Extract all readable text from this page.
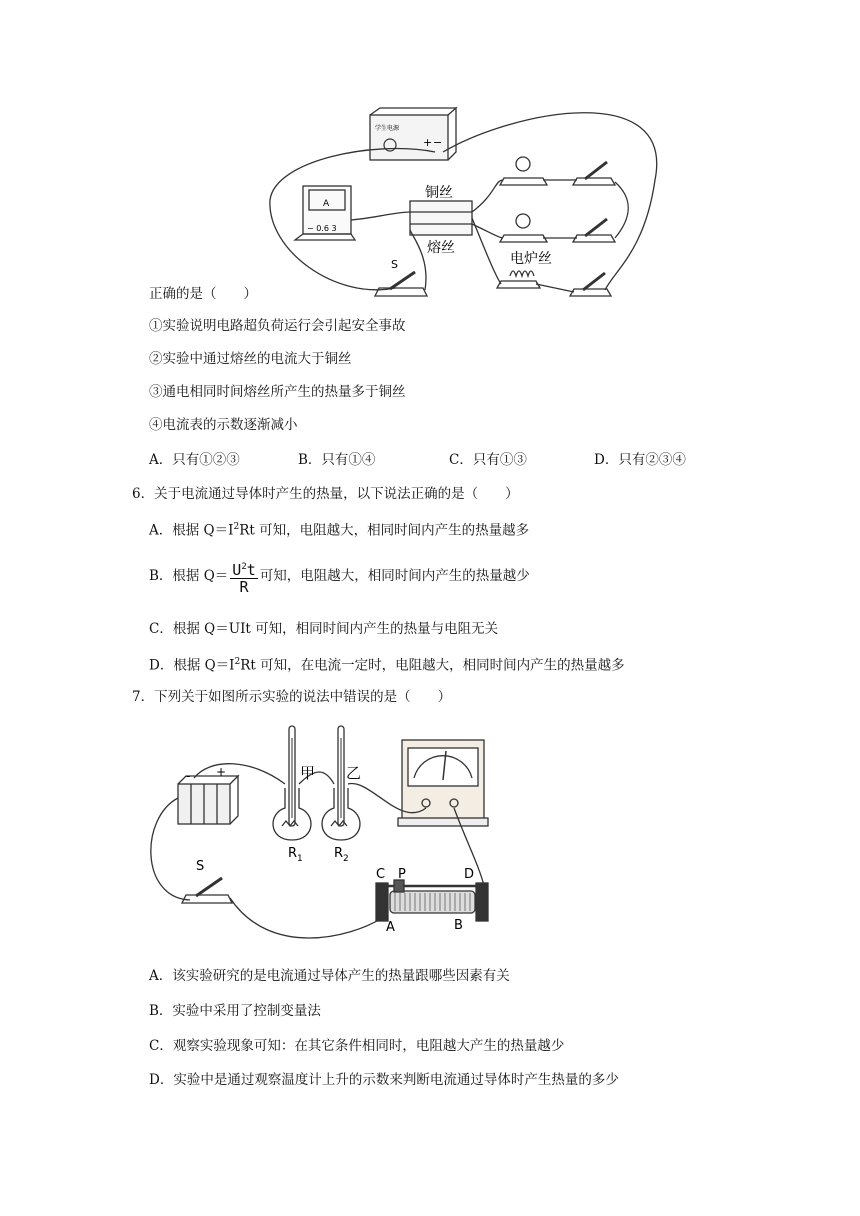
学生电源
+ −
A
− 0.6 3
铜丝
熔丝
电炉丝
S
正确的是（　　）
①实验说明电路超负荷运行会引起安全事故
②实验中通过熔丝的电流大于铜丝
③通电相同时间熔丝所产生的热量多于铜丝
④电流表的示数逐渐减小
A．只有①②③	B．只有①④	C．只有①③	D．只有②③④
6．关于电流通过导体时产生的热量，以下说法正确的是（　　）
A．根据 $Q=I^2Rt$ 可知，电阻越大，相同时间内产生的热量越多
B．根据 $Q= \frac{U^2t}{R}$ 可知，电阻越大，相同时间内产生的热量越少
C．根据 Q＝UIt 可知，相同时间内产生的热量与电阻无关
D．根据 $Q=I^2Rt$ 可知，在电流一定时，电阻越大，相同时间内产生的热量越多
7．下列关于如图所示实验的说法中错误的是（　　）
- +	甲 乙
$R_1$ $R_2$
S
C P	D
A	B
A．该实验研究的是电流通过导体产生的热量跟哪些因素有关
B．实验中采用了控制变量法
C．观察实验现象可知：在其它条件相同时，电阻越大产生的热量越少
D．实验中是通过观察温度计上升的示数来判断电流通过导体时产生热量的多少
